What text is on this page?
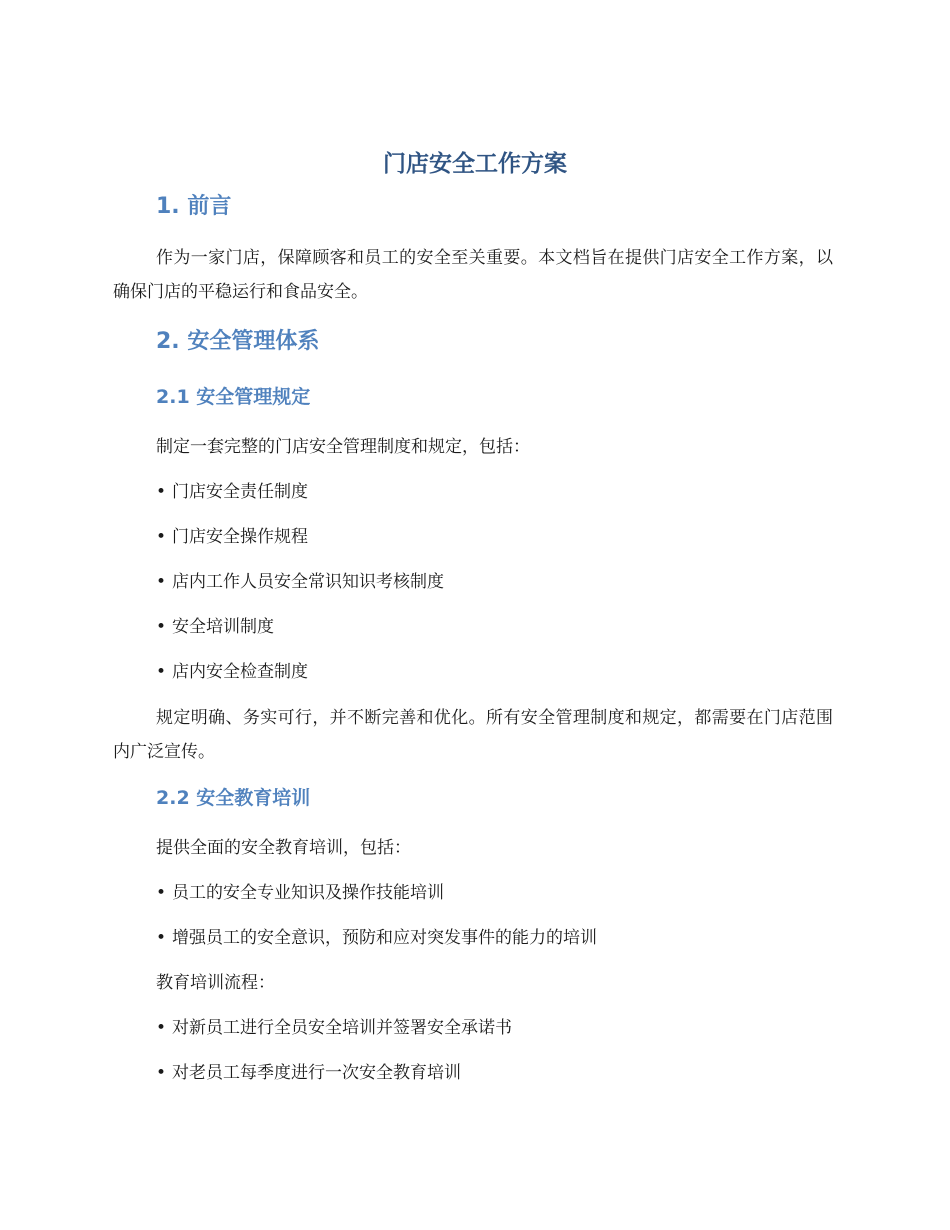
门店安全工作方案
1. 前言

作为一家门店，保障顾客和员工的安全至关重要。本文档旨在提供门店安全工作方案，以确保门店的平稳运行和食品安全。

2. 安全管理体系
2.1 安全管理规定

制定一套完整的门店安全管理制度和规定，包括：

• 门店安全责任制度

• 门店安全操作规程

• 店内工作人员安全常识知识考核制度

• 安全培训制度

• 店内安全检查制度

规定明确、务实可行，并不断完善和优化。所有安全管理制度和规定，都需要在门店范围内广泛宣传。

2.2 安全教育培训

提供全面的安全教育培训，包括：

• 员工的安全专业知识及操作技能培训

• 增强员工的安全意识，预防和应对突发事件的能力的培训

教育培训流程：

• 对新员工进行全员安全培训并签署安全承诺书

• 对老员工每季度进行一次安全教育培训
